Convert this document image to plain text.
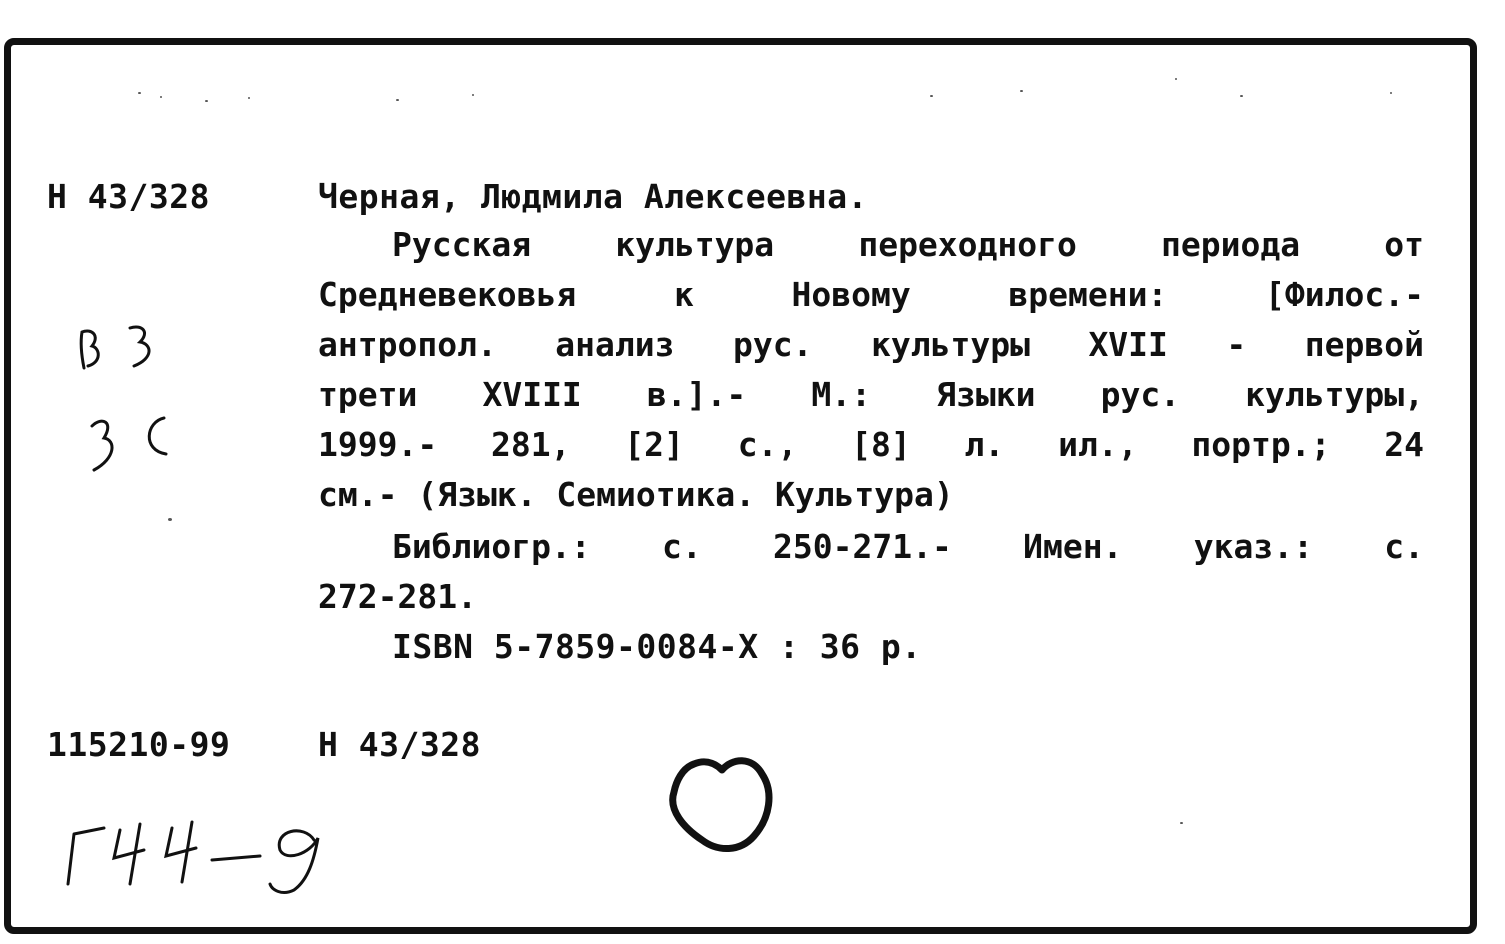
Н 43/328	Черная, Людмила Алексеевна.
Русская культура переходного периода от
Средневековья к Новому времени: [Филос.-
антропол. анализ рус. культуры XVII - первой
трети XVIII в.].- М.: Языки рус. культуры,
1999.- 281, [2] с., [8] л. ил., портр.; 24
см.- (Язык. Семиотика. Культура)
Библиогр.: с. 250-271.- Имен. указ.: с.
272-281.
ISBN 5-7859-0084-X : 36 р.
115210-99	Н 43/328
